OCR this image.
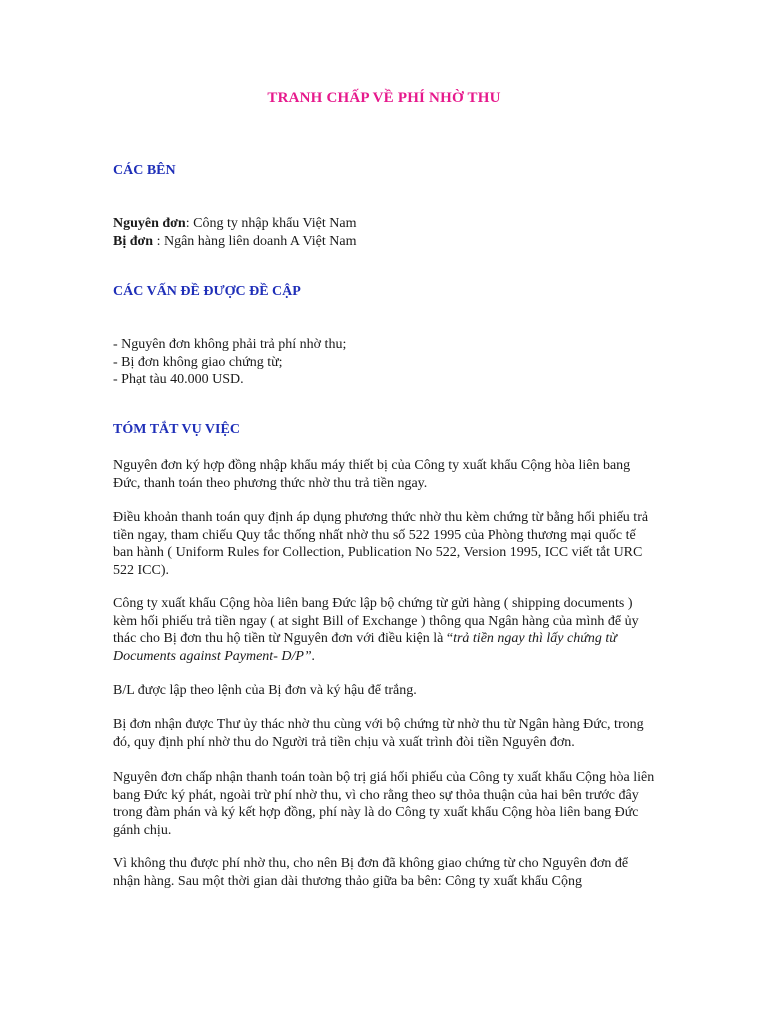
TRANH CHẤP VỀ PHÍ NHỜ THU
CÁC BÊN

Nguyên đơn: Công ty nhập khẩu Việt Nam

Bị đơn : Ngân hàng liên doanh A Việt Nam

CÁC VẤN ĐỀ ĐƯỢC ĐỀ CẬP

- Nguyên đơn không phải trả phí nhờ thu;

- Bị đơn không giao chứng từ;

- Phạt tàu 40.000 USD.

TÓM TẮT VỤ VIỆC
Nguyên đơn ký hợp đồng nhập khẩu máy thiết bị của Công ty xuất khẩu Cộng hòa liên bang Đức, thanh toán theo phương thức nhờ thu trả tiền ngay.
Điều khoản thanh toán quy định áp dụng phương thức nhờ thu kèm chứng từ bằng hối phiếu trả tiền ngay, tham chiếu Quy tắc thống nhất nhờ thu số 522 1995 của Phòng thương mại quốc tế ban hành ( Uniform Rules for Collection, Publication No 522, Version 1995, ICC viết tắt URC 522 ICC).
Công ty xuất khẩu Cộng hòa liên bang Đức lập bộ chứng từ gửi hàng ( shipping documents ) kèm hối phiếu trả tiền ngay ( at sight Bill of Exchange ) thông qua Ngân hàng của mình để ủy thác cho Bị đơn thu hộ tiền từ Nguyên đơn với điều kiện là “trả tiền ngay thì lấy chứng từ Documents against Payment- D/P”.
B/L được lập theo lệnh của Bị đơn và ký hậu để trắng.
Bị đơn nhận được Thư ủy thác nhờ thu cùng với bộ chứng từ nhờ thu từ Ngân hàng Đức, trong đó, quy định phí nhờ thu do Người trả tiền chịu và xuất trình đòi tiền Nguyên đơn.
Nguyên đơn chấp nhận thanh toán toàn bộ trị giá hối phiếu của Công ty xuất khẩu Cộng hòa liên bang Đức ký phát, ngoài trừ phí nhờ thu, vì cho rằng theo sự thỏa thuận của hai bên trước đây trong đàm phán và ký kết hợp đồng, phí này là do Công ty xuất khẩu Cộng hòa liên bang Đức gánh chịu.
Vì không thu được phí nhờ thu, cho nên Bị đơn đã không giao chứng từ cho Nguyên đơn để nhận hàng. Sau một thời gian dài thương thảo giữa ba bên: Công ty xuất khẩu Cộng
